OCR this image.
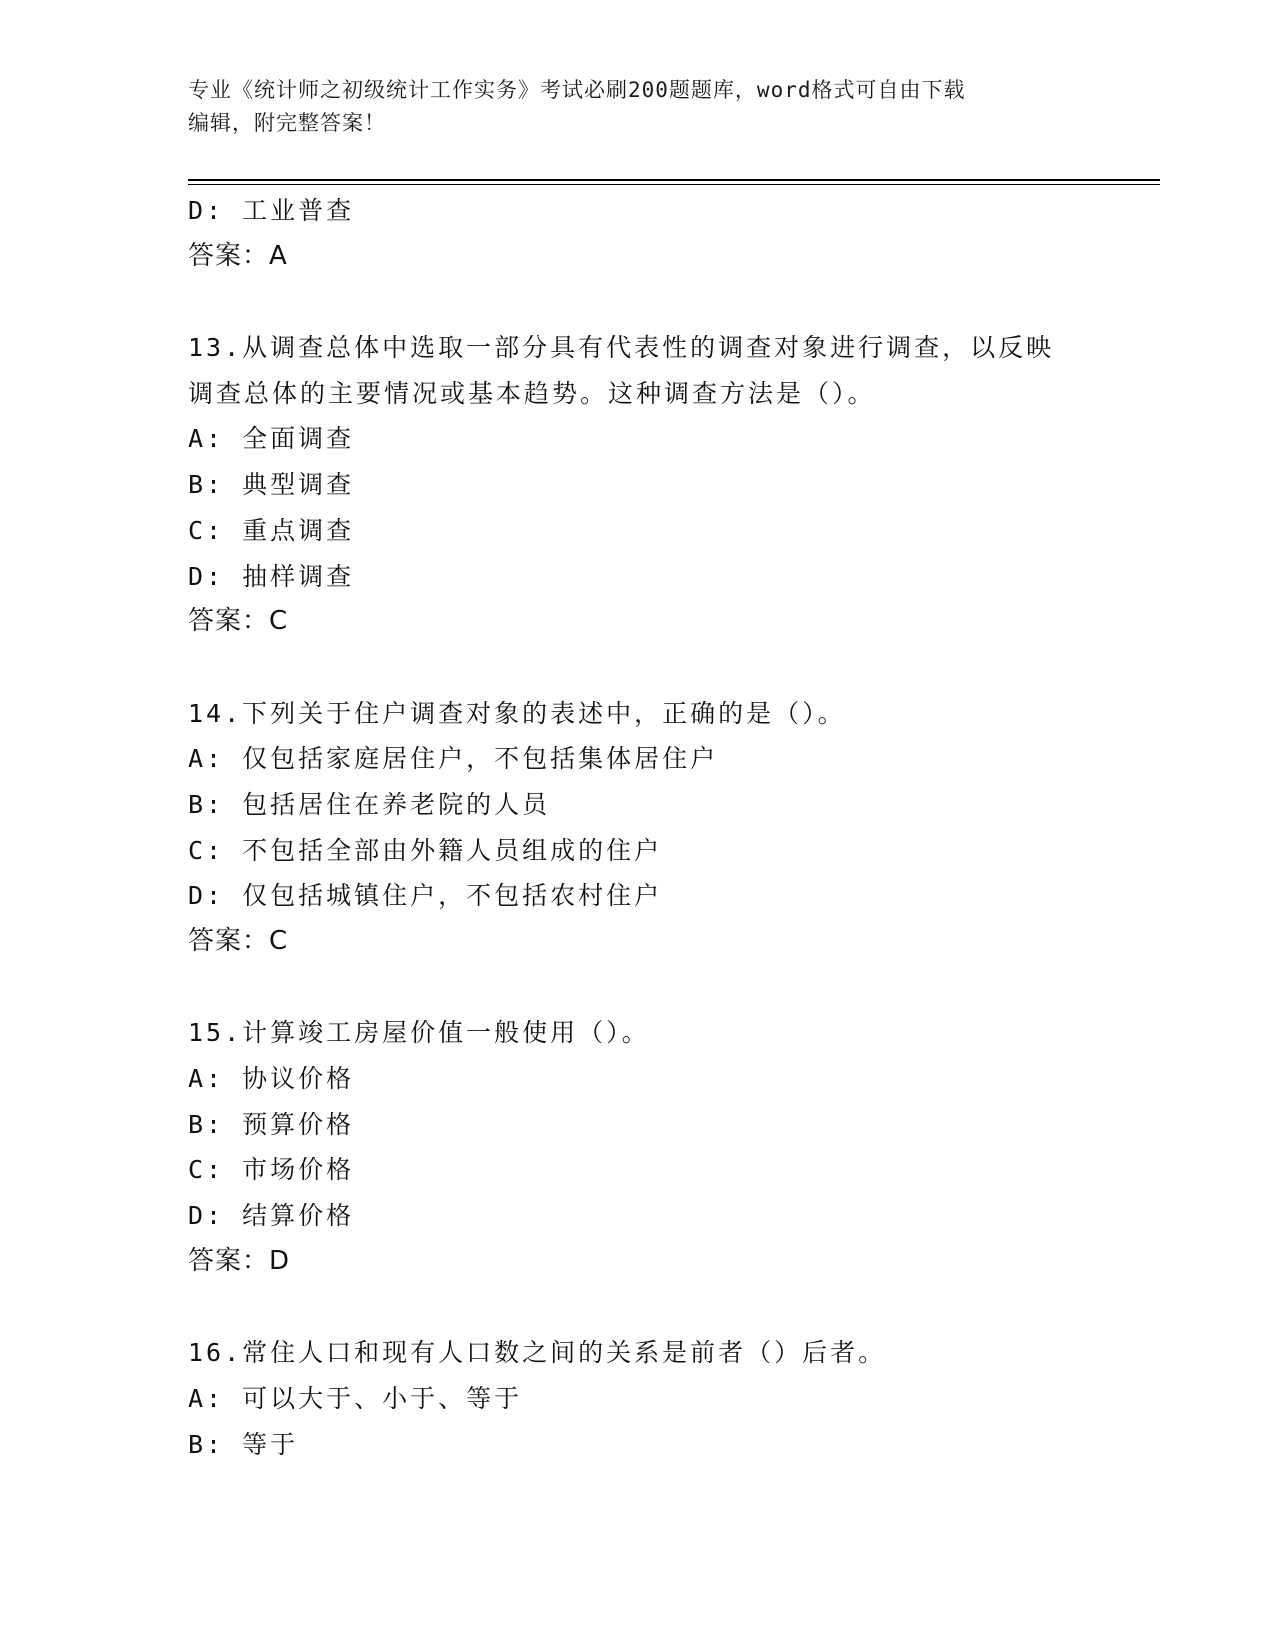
专业《统计师之初级统计工作实务》考试必刷200题题库，word格式可自由下载
编辑，附完整答案！
D: 工业普查
答案：A
13.从调查总体中选取一部分具有代表性的调查对象进行调查，以反映
调查总体的主要情况或基本趋势。这种调查方法是（）。
A: 全面调查
B: 典型调查
C: 重点调查
D: 抽样调查
答案：C
14.下列关于住户调查对象的表述中，正确的是（）。
A: 仅包括家庭居住户，不包括集体居住户
B: 包括居住在养老院的人员
C: 不包括全部由外籍人员组成的住户
D: 仅包括城镇住户，不包括农村住户
答案：C
15.计算竣工房屋价值一般使用（）。
A: 协议价格
B: 预算价格
C: 市场价格
D: 结算价格
答案：D
16.常住人口和现有人口数之间的关系是前者（）后者。
A: 可以大于、小于、等于
B: 等于
